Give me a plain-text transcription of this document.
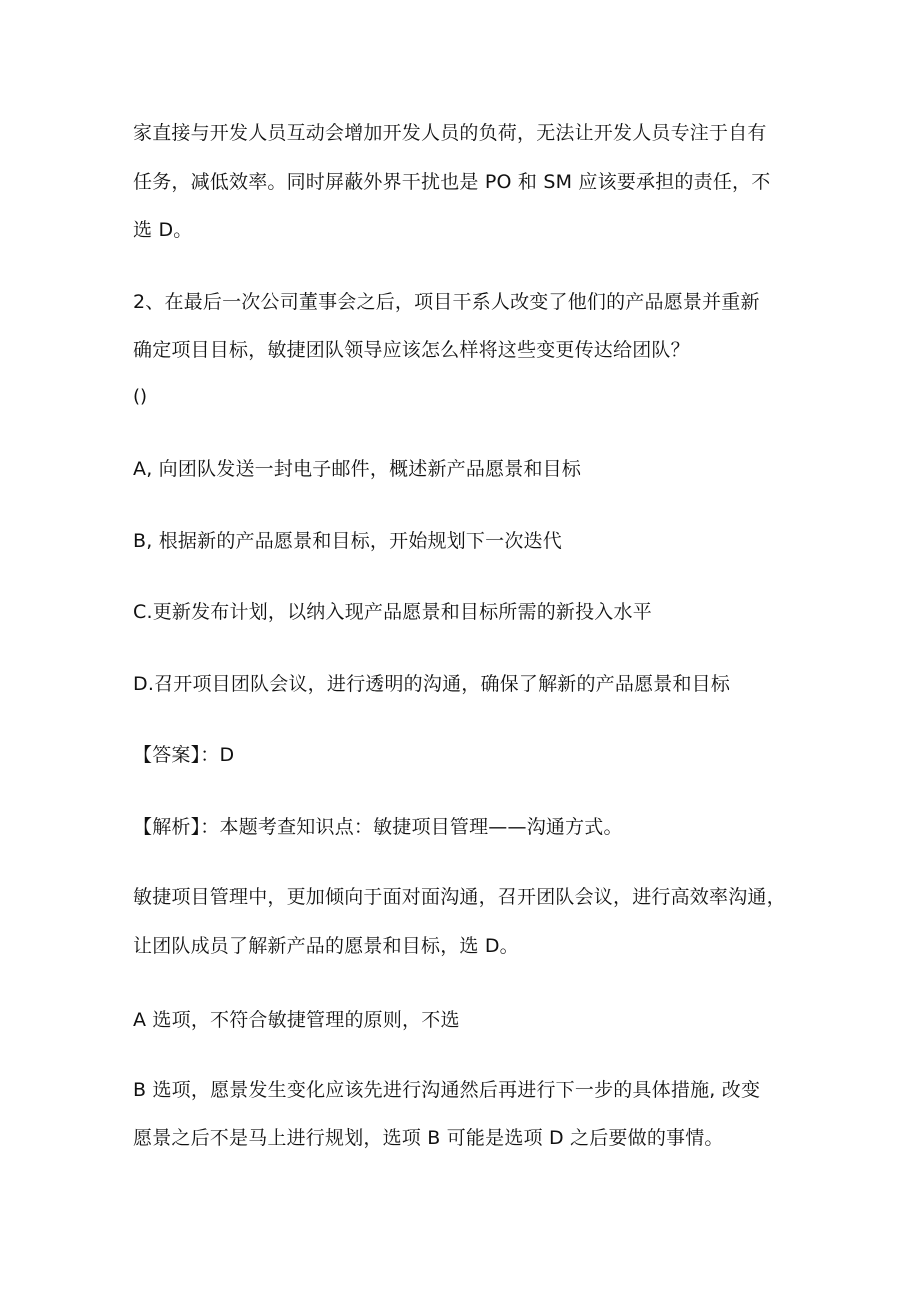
家直接与开发人员互动会增加开发人员的负荷，无法让开发人员专注于自有
任务，减低效率。同时屏蔽外界干扰也是 PO 和 SM 应该要承担的责任，不
选 D。
2、在最后一次公司董事会之后，项目干系人改变了他们的产品愿景并重新
确定项目目标，敏捷团队领导应该怎么样将这些变更传达给团队？
()
A, 向团队发送一封电子邮件，概述新产品愿景和目标
B, 根据新的产品愿景和目标，开始规划下一次迭代
C.更新发布计划，以纳入现产品愿景和目标所需的新投入水平
D.召开项目团队会议，进行透明的沟通，确保了解新的产品愿景和目标
【答案】：D
【解析】：本题考查知识点：敏捷项目管理——沟通方式。
敏捷项目管理中，更加倾向于面对面沟通，召开团队会议，进行高效率沟通，
让团队成员了解新产品的愿景和目标，选 D。
A 选项，不符合敏捷管理的原则，不选
B 选项，愿景发生变化应该先进行沟通然后再进行下一步的具体措施, 改变
愿景之后不是马上进行规划，选项 B 可能是选项 D 之后要做的事情。
